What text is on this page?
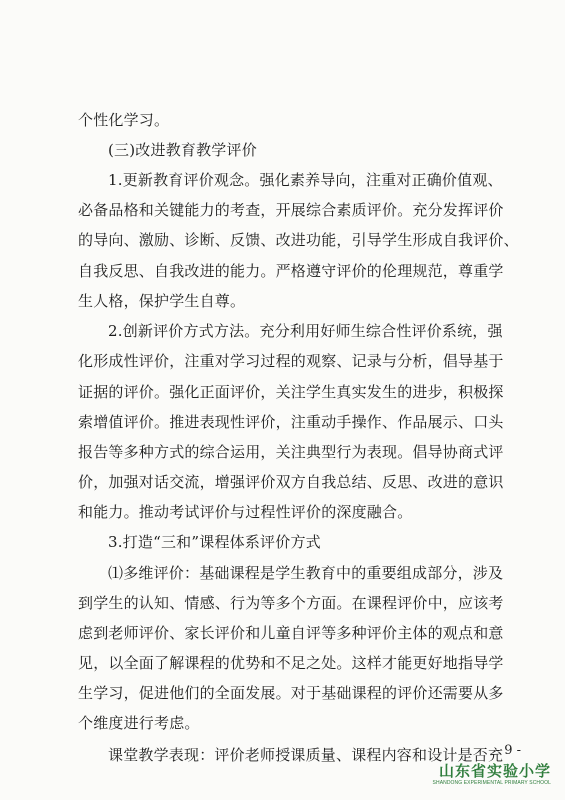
个性化学习。
(三)改进教育教学评价
1.更新教育评价观念。强化素养导向，注重对正确价值观、
必备品格和关键能力的考查，开展综合素质评价。充分发挥评价
的导向、激励、诊断、反馈、改进功能，引导学生形成自我评价、
自我反思、自我改进的能力。严格遵守评价的伦理规范，尊重学
生人格，保护学生自尊。
2.创新评价方式方法。充分利用好师生综合性评价系统，强
化形成性评价，注重对学习过程的观察、记录与分析，倡导基于
证据的评价。强化正面评价，关注学生真实发生的进步，积极探
索增值评价。推进表现性评价，注重动手操作、作品展示、口头
报告等多种方式的综合运用，关注典型行为表现。倡导协商式评
价，加强对话交流，增强评价双方自我总结、反思、改进的意识
和能力。推动考试评价与过程性评价的深度融合。
3.打造“三和”课程体系评价方式
⑴多维评价：基础课程是学生教育中的重要组成部分，涉及
到学生的认知、情感、行为等多个方面。在课程评价中，应该考
虑到老师评价、家长评价和儿童自评等多种评价主体的观点和意
见，以全面了解课程的优势和不足之处。这样才能更好地指导学
生学习，促进他们的全面发展。对于基础课程的评价还需要从多
个维度进行考虑。
- 9 -
山东省实验小学
SHANDONG EXPERIMENTAL PRIMARY SCHOOL
课堂教学表现：评价老师授课质量、课程内容和设计是否充
